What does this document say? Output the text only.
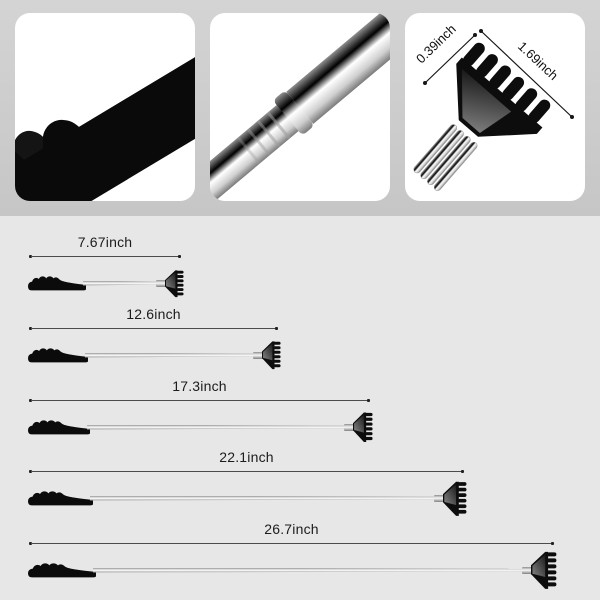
0.39inch	1.69inch
7.67inch
12.6inch
17.3inch
22.1inch
26.7inch
